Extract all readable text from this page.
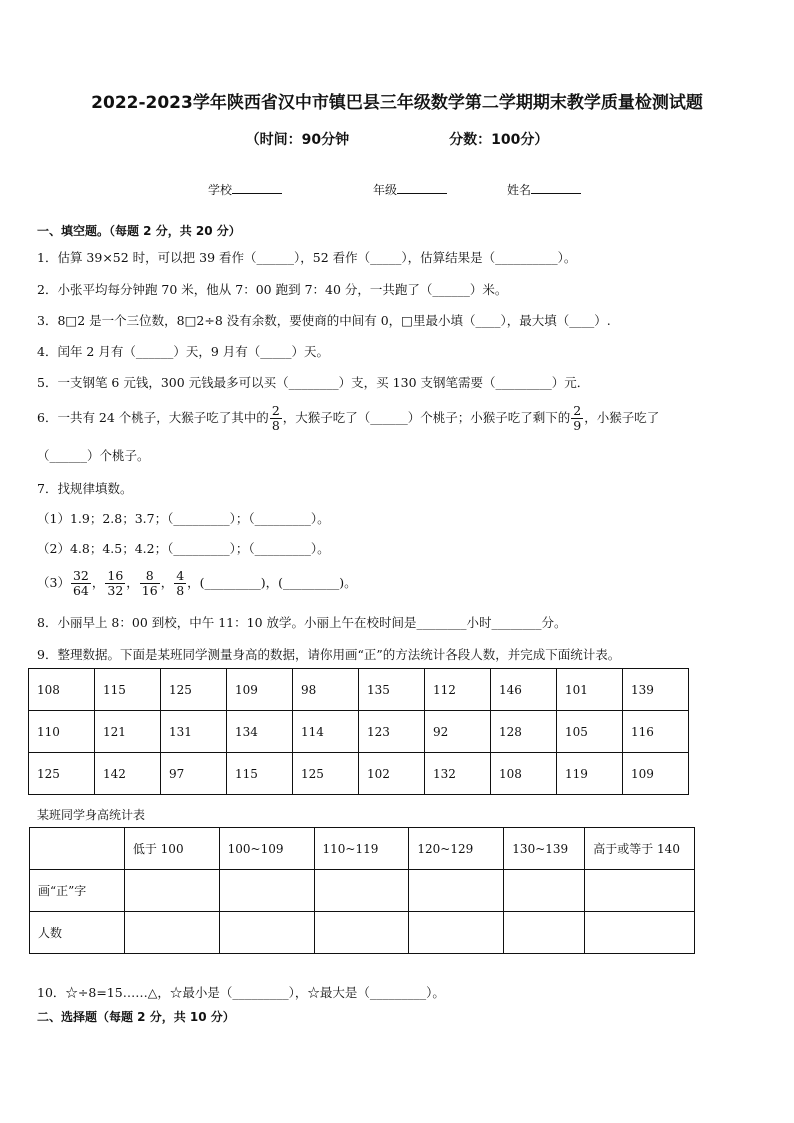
2022-2023学年陕西省汉中市镇巴县三年级数学第二学期期末教学质量检测试题
（时间：90分钟	分数：100分）
学校	年级	姓名
一、填空题。（每题 2 分，共 20 分）
1．估算 39×52 时，可以把 39 看作（______），52 看作（_____），估算结果是（__________）。
2．小张平均每分钟跑 70 米，他从 7：00 跑到 7：40 分，一共跑了（______）米。
3．8□2 是一个三位数，8□2÷8 没有余数，要使商的中间有 0，□里最小填（____），最大填（____）.
4．闰年 2 月有（______）天，9 月有（_____）天。
5．一支钢笔 6 元钱，300 元钱最多可以买（________）支，买 130 支钢笔需要（_________）元．
6．一共有 24 个桃子，大猴子吃了其中的 $\frac{2}{8}$ ，大猴子吃了（______）个桃子；小猴子吃了剩下的 $\frac{2}{9}$ ，小猴子吃了
（______）个桃子。
7．找规律填数。
（1）1.9；2.8；3.7；（_________）；（_________）。
（2）4.8；4.5；4.2；（_________）；（_________）。
$(3) \frac{32}{64}$ ， $\frac{16}{32}$ ， $\frac{8}{16}$ ， $\frac{4}{8}$ ，(_________)，(_________)。
8．小丽早上 8：00 到校，中午 11：10 放学。小丽上午在校时间是________小时________分。
9．整理数据。下面是某班同学测量身高的数据，请你用画“正”的方法统计各段人数，并完成下面统计表。
108	115	125	109	98	135	112	146	101	139
110	121	131	134	114	123	92	128	105	116
125	142	97	115	125	102	132	108	119	109
某班同学身高统计表
	低于 100	100~109	110~119	120~129	130~139	高于或等于 140
画“正”字						
人数						
10．☆÷8=15……△，☆最小是（_________），☆最大是（_________）。
二、选择题（每题 2 分，共 10 分）
